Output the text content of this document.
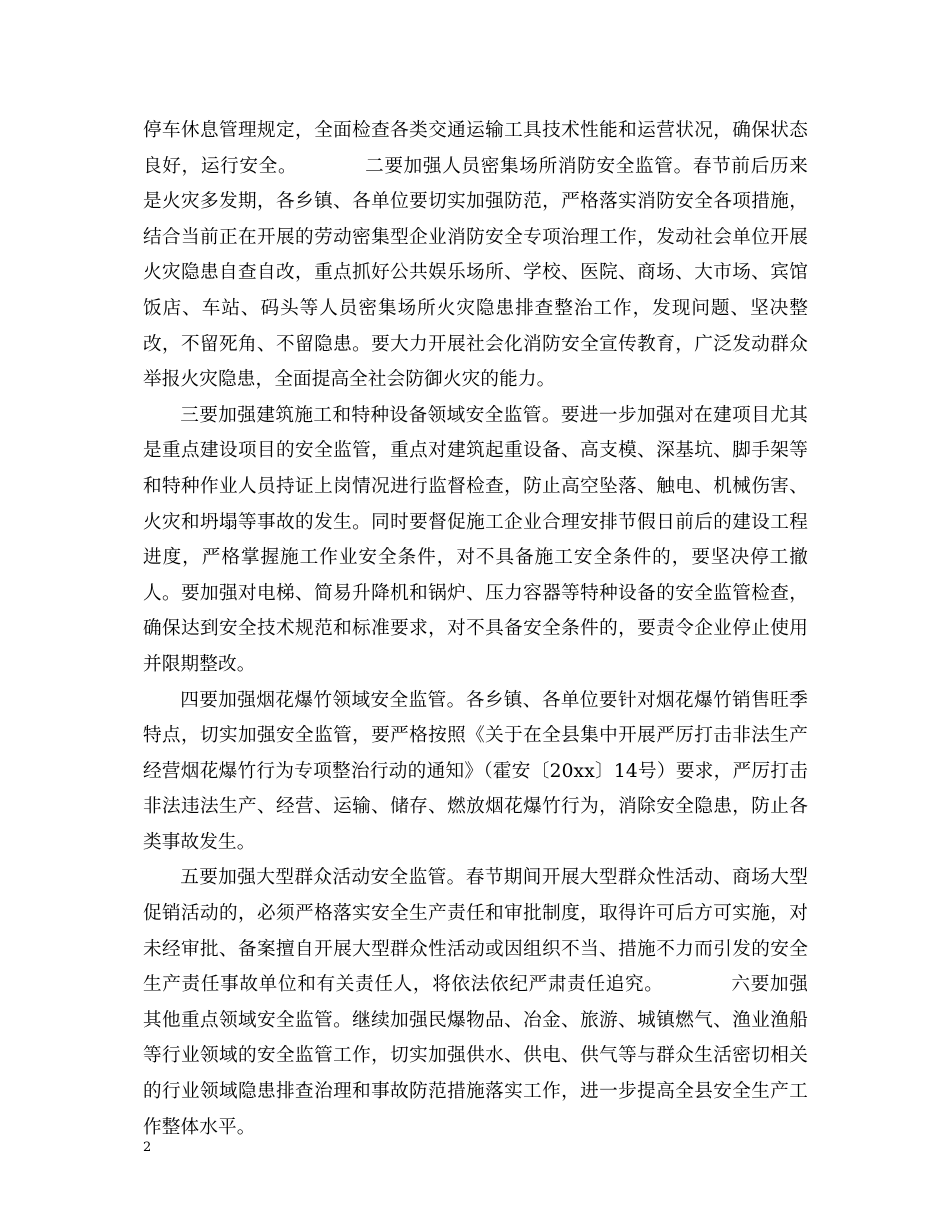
停车休息管理规定，全面检查各类交通运输工具技术性能和运营状况，确保状态良好，运行安全。　　　　二要加强人员密集场所消防安全监管。春节前后历来是火灾多发期，各乡镇、各单位要切实加强防范，严格落实消防安全各项措施，结合当前正在开展的劳动密集型企业消防安全专项治理工作，发动社会单位开展火灾隐患自查自改，重点抓好公共娱乐场所、学校、医院、商场、大市场、宾馆饭店、车站、码头等人员密集场所火灾隐患排查整治工作，发现问题、坚决整改，不留死角、不留隐患。要大力开展社会化消防安全宣传教育，广泛发动群众举报火灾隐患，全面提高全社会防御火灾的能力。

三要加强建筑施工和特种设备领域安全监管。要进一步加强对在建项目尤其是重点建设项目的安全监管，重点对建筑起重设备、高支模、深基坑、脚手架等和特种作业人员持证上岗情况进行监督检查，防止高空坠落、触电、机械伤害、火灾和坍塌等事故的发生。同时要督促施工企业合理安排节假日前后的建设工程进度，严格掌握施工作业安全条件，对不具备施工安全条件的，要坚决停工撤人。要加强对电梯、简易升降机和锅炉、压力容器等特种设备的安全监管检查，确保达到安全技术规范和标准要求，对不具备安全条件的，要责令企业停止使用并限期整改。

四要加强烟花爆竹领域安全监管。各乡镇、各单位要针对烟花爆竹销售旺季特点，切实加强安全监管，要严格按照《关于在全县集中开展严厉打击非法生产经营烟花爆竹行为专项整治行动的通知》（霍安〔20xx〕14号）要求，严厉打击非法违法生产、经营、运输、储存、燃放烟花爆竹行为，消除安全隐患，防止各类事故发生。

五要加强大型群众活动安全监管。春节期间开展大型群众性活动、商场大型促销活动的，必须严格落实安全生产责任和审批制度，取得许可后方可实施，对未经审批、备案擅自开展大型群众性活动或因组织不当、措施不力而引发的安全生产责任事故单位和有关责任人，将依法依纪严肃责任追究。　　　　六要加强其他重点领域安全监管。继续加强民爆物品、冶金、旅游、城镇燃气、渔业渔船等行业领域的安全监管工作，切实加强供水、供电、供气等与群众生活密切相关的行业领域隐患排查治理和事故防范措施落实工作，进一步提高全县安全生产工作整体水平。

2
